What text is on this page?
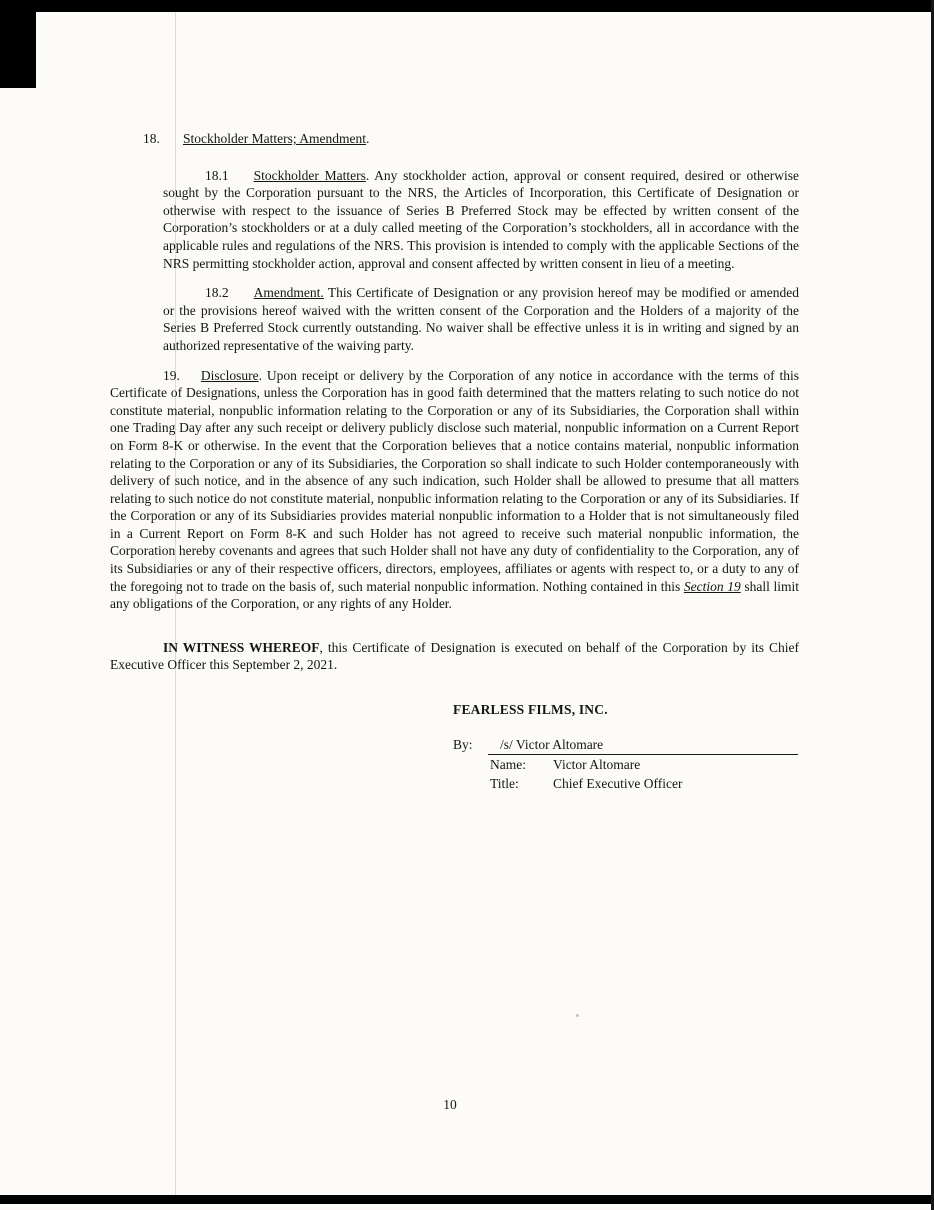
18. Stockholder Matters; Amendment.

18.1 Stockholder Matters. Any stockholder action, approval or consent required, desired or otherwise sought by the Corporation pursuant to the NRS, the Articles of Incorporation, this Certificate of Designation or otherwise with respect to the issuance of Series B Preferred Stock may be effected by written consent of the Corporation’s stockholders or at a duly called meeting of the Corporation’s stockholders, all in accordance with the applicable rules and regulations of the NRS. This provision is intended to comply with the applicable Sections of the NRS permitting stockholder action, approval and consent affected by written consent in lieu of a meeting.

18.2 Amendment. This Certificate of Designation or any provision hereof may be modified or amended or the provisions hereof waived with the written consent of the Corporation and the Holders of a majority of the Series B Preferred Stock currently outstanding. No waiver shall be effective unless it is in writing and signed by an authorized representative of the waiving party.

19. Disclosure. Upon receipt or delivery by the Corporation of any notice in accordance with the terms of this Certificate of Designations, unless the Corporation has in good faith determined that the matters relating to such notice do not constitute material, nonpublic information relating to the Corporation or any of its Subsidiaries, the Corporation shall within one Trading Day after any such receipt or delivery publicly disclose such material, nonpublic information on a Current Report on Form 8-K or otherwise. In the event that the Corporation believes that a notice contains material, nonpublic information relating to the Corporation or any of its Subsidiaries, the Corporation so shall indicate to such Holder contemporaneously with delivery of such notice, and in the absence of any such indication, such Holder shall be allowed to presume that all matters relating to such notice do not constitute material, nonpublic information relating to the Corporation or any of its Subsidiaries. If the Corporation or any of its Subsidiaries provides material nonpublic information to a Holder that is not simultaneously filed in a Current Report on Form 8-K and such Holder has not agreed to receive such material nonpublic information, the Corporation hereby covenants and agrees that such Holder shall not have any duty of confidentiality to the Corporation, any of its Subsidiaries or any of their respective officers, directors, employees, affiliates or agents with respect to, or a duty to any of the foregoing not to trade on the basis of, such material nonpublic information. Nothing contained in this Section 19 shall limit any obligations of the Corporation, or any rights of any Holder.

IN WITNESS WHEREOF, this Certificate of Designation is executed on behalf of the Corporation by its Chief Executive Officer this September 2, 2021.

FEARLESS FILMS, INC.

By: /s/ Victor Altomare
Name: Victor Altomare
Title:	Chief Executive Officer
10
